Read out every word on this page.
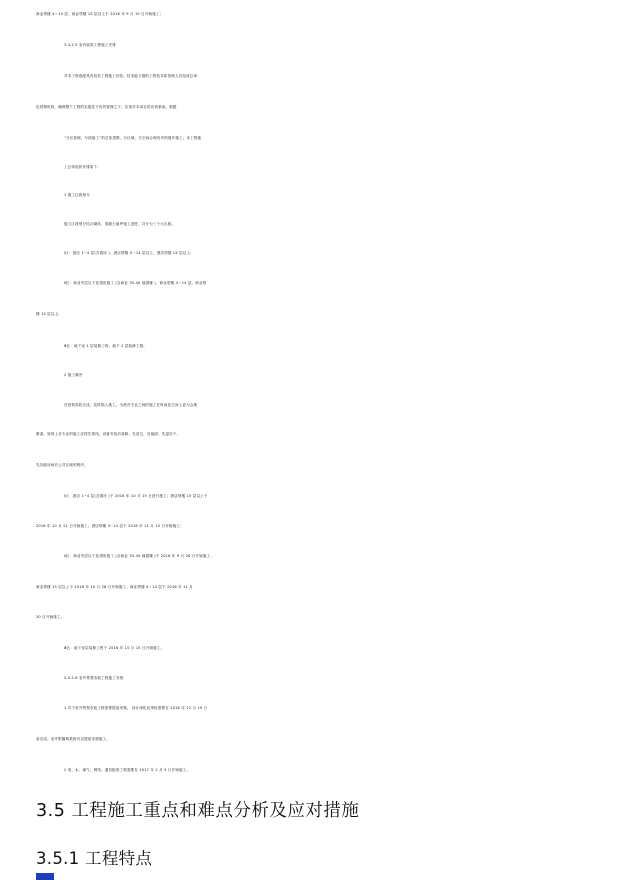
商业塔楼 4～14 层、商业塔楼 15 层以上于 2016 年 9 月 10 日开始施工;
3.4.2.5 室内装饰工程施工安排
对本工程选配具有同类工程施工经验、技术能力强的工程技术和管理人员组成总承
包管理机构，确保整个工程的实施处于有效管理之下，实现对本项目的各项承诺。根据
“分区管理，分段施工”的总体思路，分区域、分空间合理有序的展开施工。本工程施
工总体组织安排如下：
1 施工区段划分
施工区段划分结合砌体、混凝土地坪施工进度，共分为三个大区段。
Ⅰ区：酒店 1~4 层(含裙房 )、酒店塔楼 5～14 层以上、酒店塔楼 15 层以上;
Ⅱ区：商业夹层以下及裙房施工 (含商业 35-40 轴裙楼 )、商业塔楼 4～14 层、商业塔
楼 15 层以上;
Ⅲ区：地下室 1 层装修工程、地下 2 层装修工程;
2 施工顺序
在结构验收完成，及时插入施工。为使各专业之间的施工在时间及空间上更为合理
紧凑，原则上各专业的施工应按先管线、设备安装后装修；先高空，后地面；先湿后干；
先功能房间后公共区域的程序。
Ⅰ区：酒店 1~4 层(含裙房 )于 2016 年 10 月 15 日进行施工；酒店塔楼 15 层以上于
2016 年 10 月 21 日开始施工；酒店塔楼 5~14 层于 2016 年 11 月 15 日开始施工；
Ⅱ区：商业夹层以下及裙房施工 (含商业 35-40 轴裙楼 )于 2016 年 9 月 26 日开始施工；
商业塔楼 15 层以上于 2016 年 10 月 26 日开始施工；商业塔楼 4～14 层于 2016 年 11 月
20 日开始施工。
Ⅲ区：地下室层装修工程于 2016 年 10 月 15 日开始施工。
3.4.2.6 室外景观市政工程施工安排
1 对于室外景观市政工程需要提前采购， 设计深化及审批需要在 2016 年 12 月 19 日
前完成。室外附属构筑物可以提前穿插施工。
2 电、水、煤气、网络、通信配套工程需要在 2017 年 2 月 5 日开始施工。
3.5 工程施工重点和难点分析及应对措施
3.5.1 工程特点
